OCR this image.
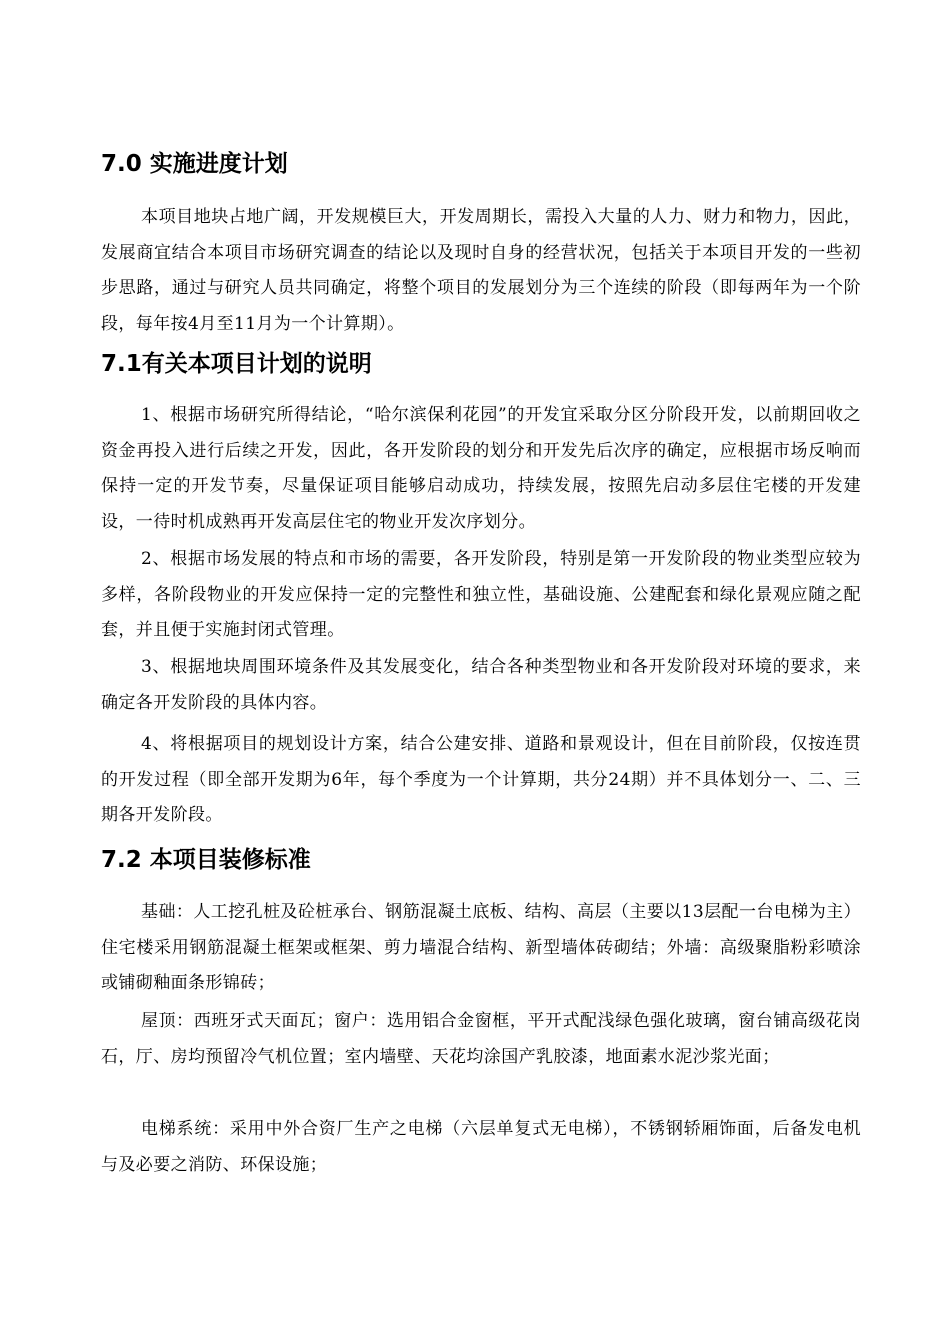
7.0 实施进度计划

本项目地块占地广阔，开发规模巨大，开发周期长，需投入大量的人力、财力和物力，因此，发展商宜结合本项目市场研究调查的结论以及现时自身的经营状况，包括关于本项目开发的一些初步思路，通过与研究人员共同确定，将整个项目的发展划分为三个连续的阶段（即每两年为一个阶段，每年按4月至11月为一个计算期）。

7.1有关本项目计划的说明

1、根据市场研究所得结论，“哈尔滨保利花园”的开发宜采取分区分阶段开发，以前期回收之资金再投入进行后续之开发，因此，各开发阶段的划分和开发先后次序的确定，应根据市场反响而保持一定的开发节奏，尽量保证项目能够启动成功，持续发展，按照先启动多层住宅楼的开发建设，一待时机成熟再开发高层住宅的物业开发次序划分。

2、根据市场发展的特点和市场的需要，各开发阶段，特别是第一开发阶段的物业类型应较为多样，各阶段物业的开发应保持一定的完整性和独立性，基础设施、公建配套和绿化景观应随之配套，并且便于实施封闭式管理。

3、根据地块周围环境条件及其发展变化，结合各种类型物业和各开发阶段对环境的要求，来确定各开发阶段的具体内容。

4、将根据项目的规划设计方案，结合公建安排、道路和景观设计，但在目前阶段，仅按连贯的开发过程（即全部开发期为6年，每个季度为一个计算期，共分24期）并不具体划分一、二、三期各开发阶段。

7.2 本项目装修标准

基础：人工挖孔桩及砼桩承台、钢筋混凝土底板、结构、高层（主要以13层配一台电梯为主）住宅楼采用钢筋混凝土框架或框架、剪力墙混合结构、新型墙体砖砌结；外墙：高级聚脂粉彩喷涂或铺砌釉面条形锦砖；

屋顶：西班牙式天面瓦；窗户：选用铝合金窗框，平开式配浅绿色强化玻璃，窗台铺高级花岗石，厅、房均预留冷气机位置；室内墙壁、天花均涂国产乳胶漆，地面素水泥沙浆光面；

电梯系统：采用中外合资厂生产之电梯（六层单复式无电梯），不锈钢轿厢饰面，后备发电机与及必要之消防、环保设施；
